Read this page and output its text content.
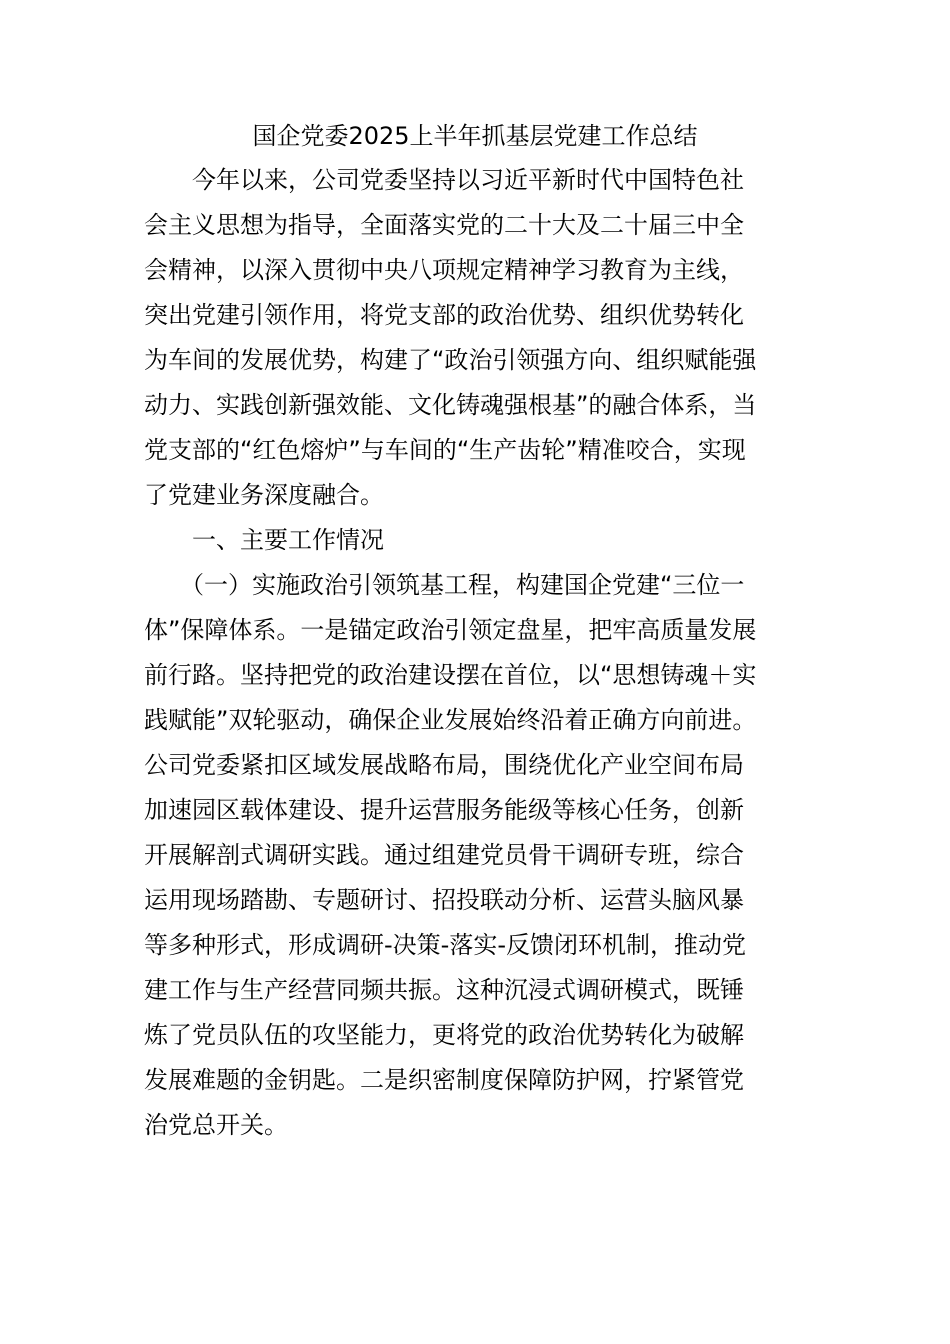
国企党委2025上半年抓基层党建工作总结

　　今年以来，公司党委坚持以习近平新时代中国特色社

会主义思想为指导，全面落实党的二十大及二十届三中全

会精神，以深入贯彻中央八项规定精神学习教育为主线，

突出党建引领作用，将党支部的政治优势、组织优势转化

为车间的发展优势，构建了“政治引领强方向、组织赋能强

动力、实践创新强效能、文化铸魂强根基”的融合体系，当

党支部的“红色熔炉”与车间的“生产齿轮”精准咬合，实现

了党建业务深度融合。

　　一、主要工作情况

　　（一）实施政治引领筑基工程，构建国企党建“三位一

体”保障体系。一是锚定政治引领定盘星，把牢高质量发展

前行路。坚持把党的政治建设摆在首位，以“思想铸魂＋实

践赋能”双轮驱动，确保企业发展始终沿着正确方向前进。

公司党委紧扣区域发展战略布局，围绕优化产业空间布局

加速园区载体建设、提升运营服务能级等核心任务，创新

开展解剖式调研实践。通过组建党员骨干调研专班，综合

运用现场踏勘、专题研讨、招投联动分析、运营头脑风暴

等多种形式，形成调研-决策-落实-反馈闭环机制，推动党

建工作与生产经营同频共振。这种沉浸式调研模式，既锤

炼了党员队伍的攻坚能力，更将党的政治优势转化为破解

发展难题的金钥匙。二是织密制度保障防护网，拧紧管党

治党总开关。
